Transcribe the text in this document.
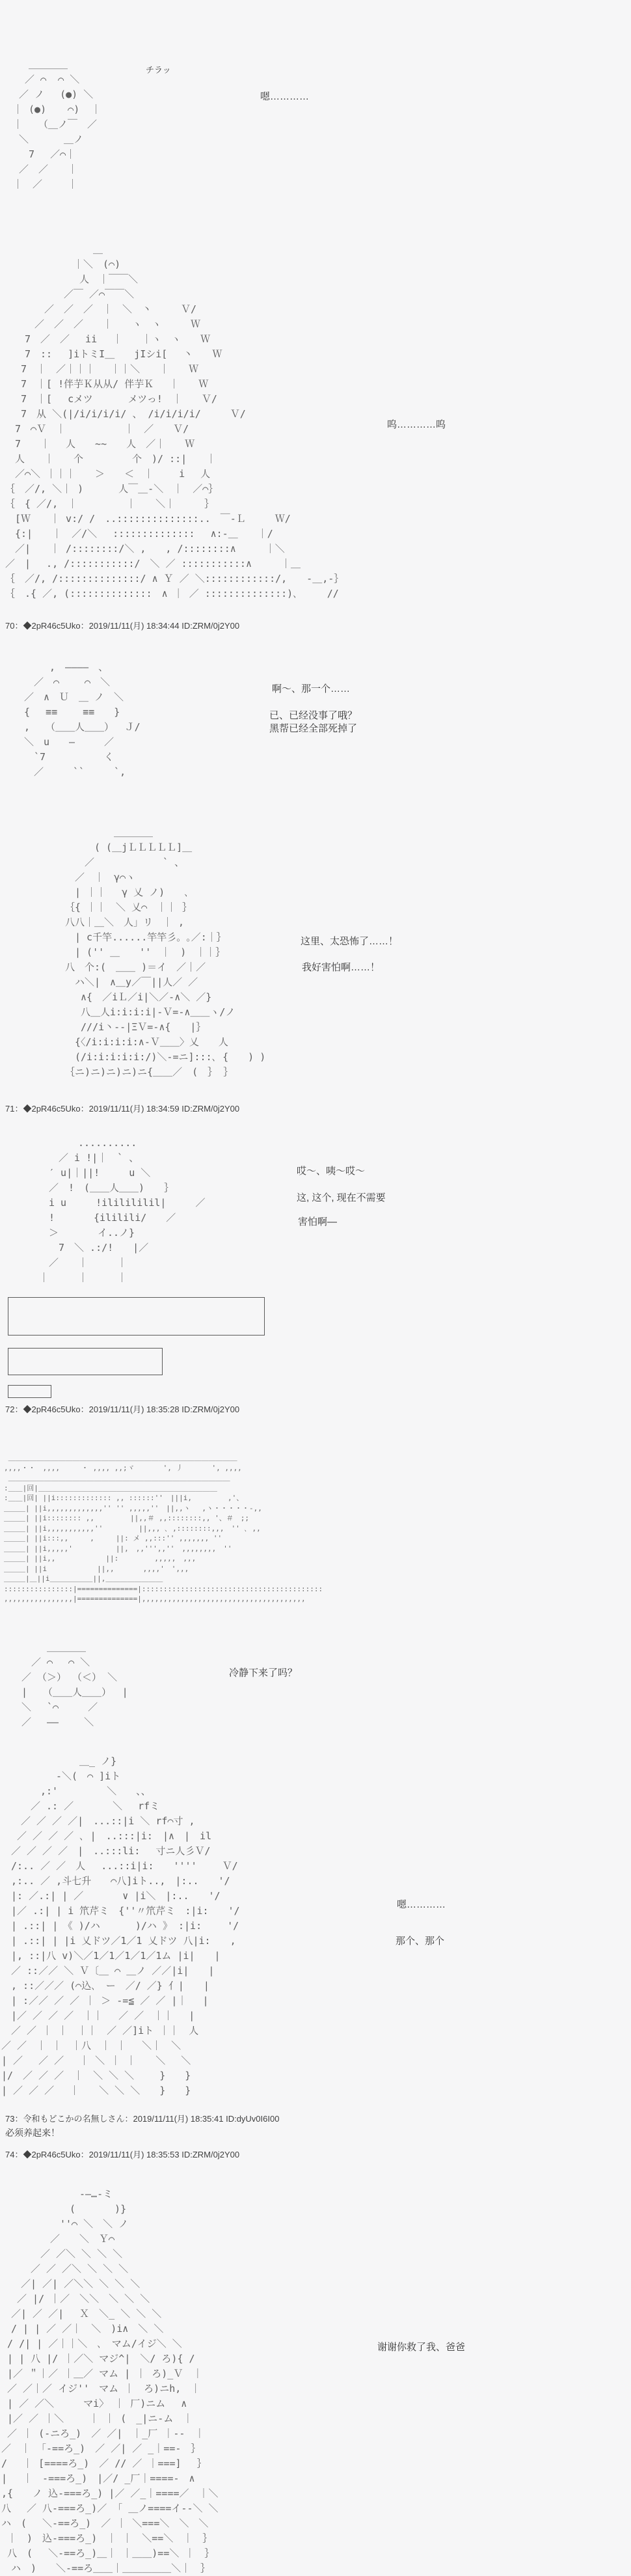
　 ＿＿＿＿
／ ⌒  ⌒ ＼
／ ノ　 (●) ＼
｜ (●) 　 ⌒)  ｜
｜　 （＿ノ￣　／
＼　　　 ＿ノ
　 7　 ／⌒｜
／　／　　｜
｜　／　　 ｜
チラッ
嗯…………
　　　　　　　　　＿
　　　　　　　｜＼　(⌒)
　　　　　　　 人　｜￣￣＼
　　　　　　／￣ ／⌒￣￣＼
　　　　／　／　／　｜　＼　丶　　　Ｖ/
　　　／　／　／　　｜　　ヽ　ヽ　　　Ｗ
　　7　／　／　 ii　 ｜　　｜ヽ　ヽ　　Ｗ
　　7　::　 ]iトミI＿　　jIシi[　 丶　　Ｗ
　 7　｜　／｜｜｜　 ｜｜＼　　｜　　Ｗ
　 7　｜[ !伴芋Ｋ从从/ 伴芋Ｋ　 ｜　　Ｗ
　 7　｜[ 　cメツ　　　 メツっ!　｜　　Ｖ/
　 7　从 ＼(|/i/i/i/i/ 、 /i/i/i/i/　　　Ｖ/
　7　⌒Ｖ　｜　　　　　　｜　／　　Ｖ/
　7　　｜　 人　　~~　　人　／｜　　Ｗ
　人　　｜　　个　　　　　个　)/ ::|　　｜
　／⌒＼ ｜｜｜　　＞　　＜　｜　　 i　 人
｛　／/, ＼｜ )　　　 人￣＿-＼　｜　／⌒｝
｛　{ ／/,　｜　　　　　｜　　＼｜　　　｝
　[Ｗ　　｜ v:/ /　..::::::::::::::..　￣-Ｌ　　　Ｗ/
　{:|　　｜　／/＼　 :::::::::::::: 　∧:‐＿　　｜/
　／|　　｜ /::::::::/＼ ,　　, /::::::::∧　　　｜＼
／　|　 ., /:::::::::::/　＼ ／ :::::::::::∧　　　｜＿
｛　／/, /::::::::::::::/ ∧ Ｙ ／ ＼::::::::::::/,　　-＿,-｝
｛　.{ ／, (::::::::::::::　∧ ｜ ／ ::::::::::::::)､　　　//
呜…………呜
70：◆2pR46c5Uko：2019/11/11(月) 18:34:44 ID:ZRM/0j2Y00
　　　 ,　――――　、
　　／　⌒　　 ⌒　＼
　／　∧　Ｕ　＿ ノ　＼
　{　 ≡≡　　 ≡≡　　}
　,　 （＿＿人＿＿）　 Ｊ/
　＼　u　　―　　　／
　　`7　　　　　　く
　　／　　　``　　　`,
啊～、那一个……
已、已经没事了哦？
黑帮已经全部死掉了
　　　　　＿＿＿＿
　　　( (＿jＬＬＬＬＬ]＿
　　／　　　　　　　` 、
　／　｜　γ⌒ヽ
　| ｜｜　 γ 乂 ノ)　　､
｛{ ｜｜　＼ 乂⌒　｜｜ ｝
八八｜＿＼　人」リ　｜ ,
　| c千竿......竿竿彡。｡／:｜｝
　| ('' ＿　　''　｜　)　｜｜｝
八　个:(　＿＿ )＝イ　／｜／
　ハ＼|　∧＿y／￣||人／ ／
　 ∧{　／iＬ／i|＼／-∧＼ ／}
　 八＿人i:i:i:i|-Ｖ=-∧＿＿ヽ/ノ
　 ///i丶--|ΞＶ=-∧{　　|｝
　{〈/i:i:i:i:∧-Ｖ＿＿〉乂　　人
　(/i:i:i:i:i:/)＼-=ニ]:::､ {　　) )
｛ニ)ニ)ニ)ニ)ニ{＿＿／　(　｝ ｝
这里、太恐怖了……！
我好害怕啊……！
71：◆2pR46c5Uko：2019/11/11(月) 18:34:59 ID:ZRM/0j2Y00
　　　　..........
　　／ i !|｜　` 、
　′ u|｜||!　　　u ＼
　／　!　(＿＿人＿＿)　　｝
　i u　　　!ililililil|　　　／
　!　　　　{ililili/　　／
　＞　　　　イ..ノ}
　　7　＼ .:/!　　|／
　／　　｜　　　｜
｜　　　｜　　　｜
哎～、咦～哎～
这, 这个, 现在不需要
害怕啊—
72：◆2pR46c5Uko：2019/11/11(月) 18:35:28 ID:ZRM/0j2Y00
＿＿＿＿＿＿＿＿＿＿＿＿＿＿＿＿＿＿＿＿＿＿＿＿＿＿＿＿＿＿＿＿
,,,,・・　,,,,　　　・ ,,,, ,,;ヾ　　　　', 丿　　　　', ,,,,
＿＿＿＿＿＿＿＿＿＿＿＿＿＿＿＿＿＿＿＿＿＿＿＿＿＿＿＿＿＿＿
:＿＿|回|＿＿＿＿＿＿＿＿＿＿＿＿＿＿＿＿＿＿＿＿＿＿＿＿＿
:＿＿|回| ||i::::::::::::: ,, ::::::''　|||i,　　　　　,'、
＿＿＿| ||i,,,,,,,,,,,,,'' '' ,,,,,''　||,,ヽ　 ,ヽ・・・・・-,,
＿＿＿| ||i:::::::: ,,　　　　　||,,＃ ,,::::::::,, '、＃　;;
＿＿＿| ||i,,,,,,,,,,,''　　　　　||,,, ､ ,::::::::,,,　'' ､ ,,
＿＿＿| ||i:::,,　　　,　　　||: メ ,,:::'' ,,,,,,, ''
＿＿＿| ||i,,,,,'　　　　　　||,　,,''',,''　,,,,,,,,　''
＿＿＿| ||i,,　　　　　　　||:　　　　　,,,,,　,,,
＿＿＿| ||i　　　　　　　||,,　　　　,,,,'　',,,
＿＿＿|＿||i＿＿＿＿＿＿||,＿＿＿＿＿＿＿＿
::::::::::::::::|==============|::::::::::::::::::::::::::::::::::::::::::
,,,,,,,,,,,,,,,,|==============|,,,,,,,,,,,,,,,,,,,,,,,,,,,,,,,,,,,,,,
　　　 ＿＿＿＿
　　／ ⌒　 ⌒ ＼
　／ （＞） （＜） ＼
　|　 （＿＿人＿＿）　 |
　＼　 `⌒　　　／
　／　 ――　　 ＼
冷静下来了吗？
　　　　　　　　＿_ ノ}
　　　　　 -＼(　⌒ ]iト
　　　　,:'　　　　　＼　　、、
　　　／ .: ／　　　　＼　 rfミ
　　／ ／ ／ ／|　...::|i ＼ rf⌒寸 ,
　 ／ ／ ／ ／ ､ |　..:::|i:　|∧　|　il
　／ ／ ／ ／　|　..:::li:　 寸ニ人彡Ｖ/
　/:.. ／ ／　人　 ...::i|i:　　''''　　 Ｖ/
　,:.. ／ ,斗七升　　⌒八]iト..,　|:..　　'/
　|: ／.:| | ／　　　　∨ |i＼　|:..　　'/
　|／ .:| | i 笊芹ミ　{''〃笊芹ミ　:|i:　　'/
　| .::| |　《 )/ハ　　　 )/ハ 》 :|i:　　 '/
　| .::| | |i 乂ドツ／1／1 乂ドツ 八|i:　　,
　|, ::|八 v)＼／1／1／1／1／1ム |i|　　|
　／ ::／／ ＼ Ｖ〔＿ ⌒ ＿ノ ／／|i|　　|
　, ::／／／ (⌒込､　ー　／/ ／} 亻|　　|
　| :／／ ／ ／ ｜ ＞ -=≦ ／ ／ |｜　 |
　|／ ／ ／ ／　｜｜　 ／ ／　｜｜　 |
　／ ／ ｜ ｜　｜｜　／ ／]iト ｜｜　人
／ ／　｜ ｜　｜八　｜ ｜　 ＼｜　＼
| ／　 ／ ／　 ｜ ＼ ｜ ｜　　＼　 ＼
|/　／ ／ ／　｜　＼ ＼ ＼　　 }　　}
| ／ ／ ／　 ｜　　＼ ＼ ＼　　}　　}
嗯…………
那个、那个
73：令和もどこかの名無しさん：2019/11/11(月) 18:35:41 ID:dyUv0I6I00
必须养起来！
74：◆2pR46c5Uko：2019/11/11(月) 18:35:53 ID:ZRM/0j2Y00
　　　　　　　　-―…-ミ
　　　　　　　(　　　　)}
　　　　　　''⌒ ＼　＼ ノ
　　　　　／　　＼　Ｙ⌒
　　　　／ ／＼ ＼ ＼ ＼
　　　／ ／ ／＼ ＼ ＼ ＼
　　／| ／| ／＼＼ ＼ ＼ ＼
　 ／ |/ ｜／　＼＼　＼ ＼ ＼
　／| ／ ／|　 Ｘ　＼_ ＼ ＼ ＼
　/ | | ／ ／｜　＼　)i∧　＼ ＼
/ /| | ／｜｜＼　､　マム/イジ＼ ＼
| | 八 |/ ｜／＼ マジ^|　＼/ ろ){ /
|／ ＂｜／ ｜＿／ マム | ｜ ろ)_Ｖ　｜
／ ／｜／ イジ''　マム ｜　ろ)ニh,　｜
| ／ ／＼　　　マi〉 ｜ 厂)ニム　 ∧
|／ ／ ｜＼　　 ｜ ｜ (　_|ニ-ム　｜
／ ｜ (-ニろ_)　／ ／|　｜_厂 ｜--　｜
／　｜ 「-==ろ_)　／ ／| ／ _｜==-　｝
/　 ｜ [====ろ_)　／ // ／ ｜===]　 ｝
|　 ｜　-===ろ_)　|／/ _厂｜====-　∧
,{　　ノ 込-===ろ_) |／ ／_｜====／　｜＼
八　 ／ 八-===ろ_)／ 「 ＿ノ====イ--＼ ＼
ハ　(　 ＼-==ろ_)　／ ｜ ＼===＼　＼　＼
｜　)　込-===ろ_)　｜ ｜　＼==＼　｜　｝
八　(　 ＼-==ろ_)＿｜ ｜＿＿)==＼ ｜　｝
　ハ　)　　＼-==ろ＿＿｜＿＿＿＿＿＼｜　｝
谢谢你救了我、爸爸
